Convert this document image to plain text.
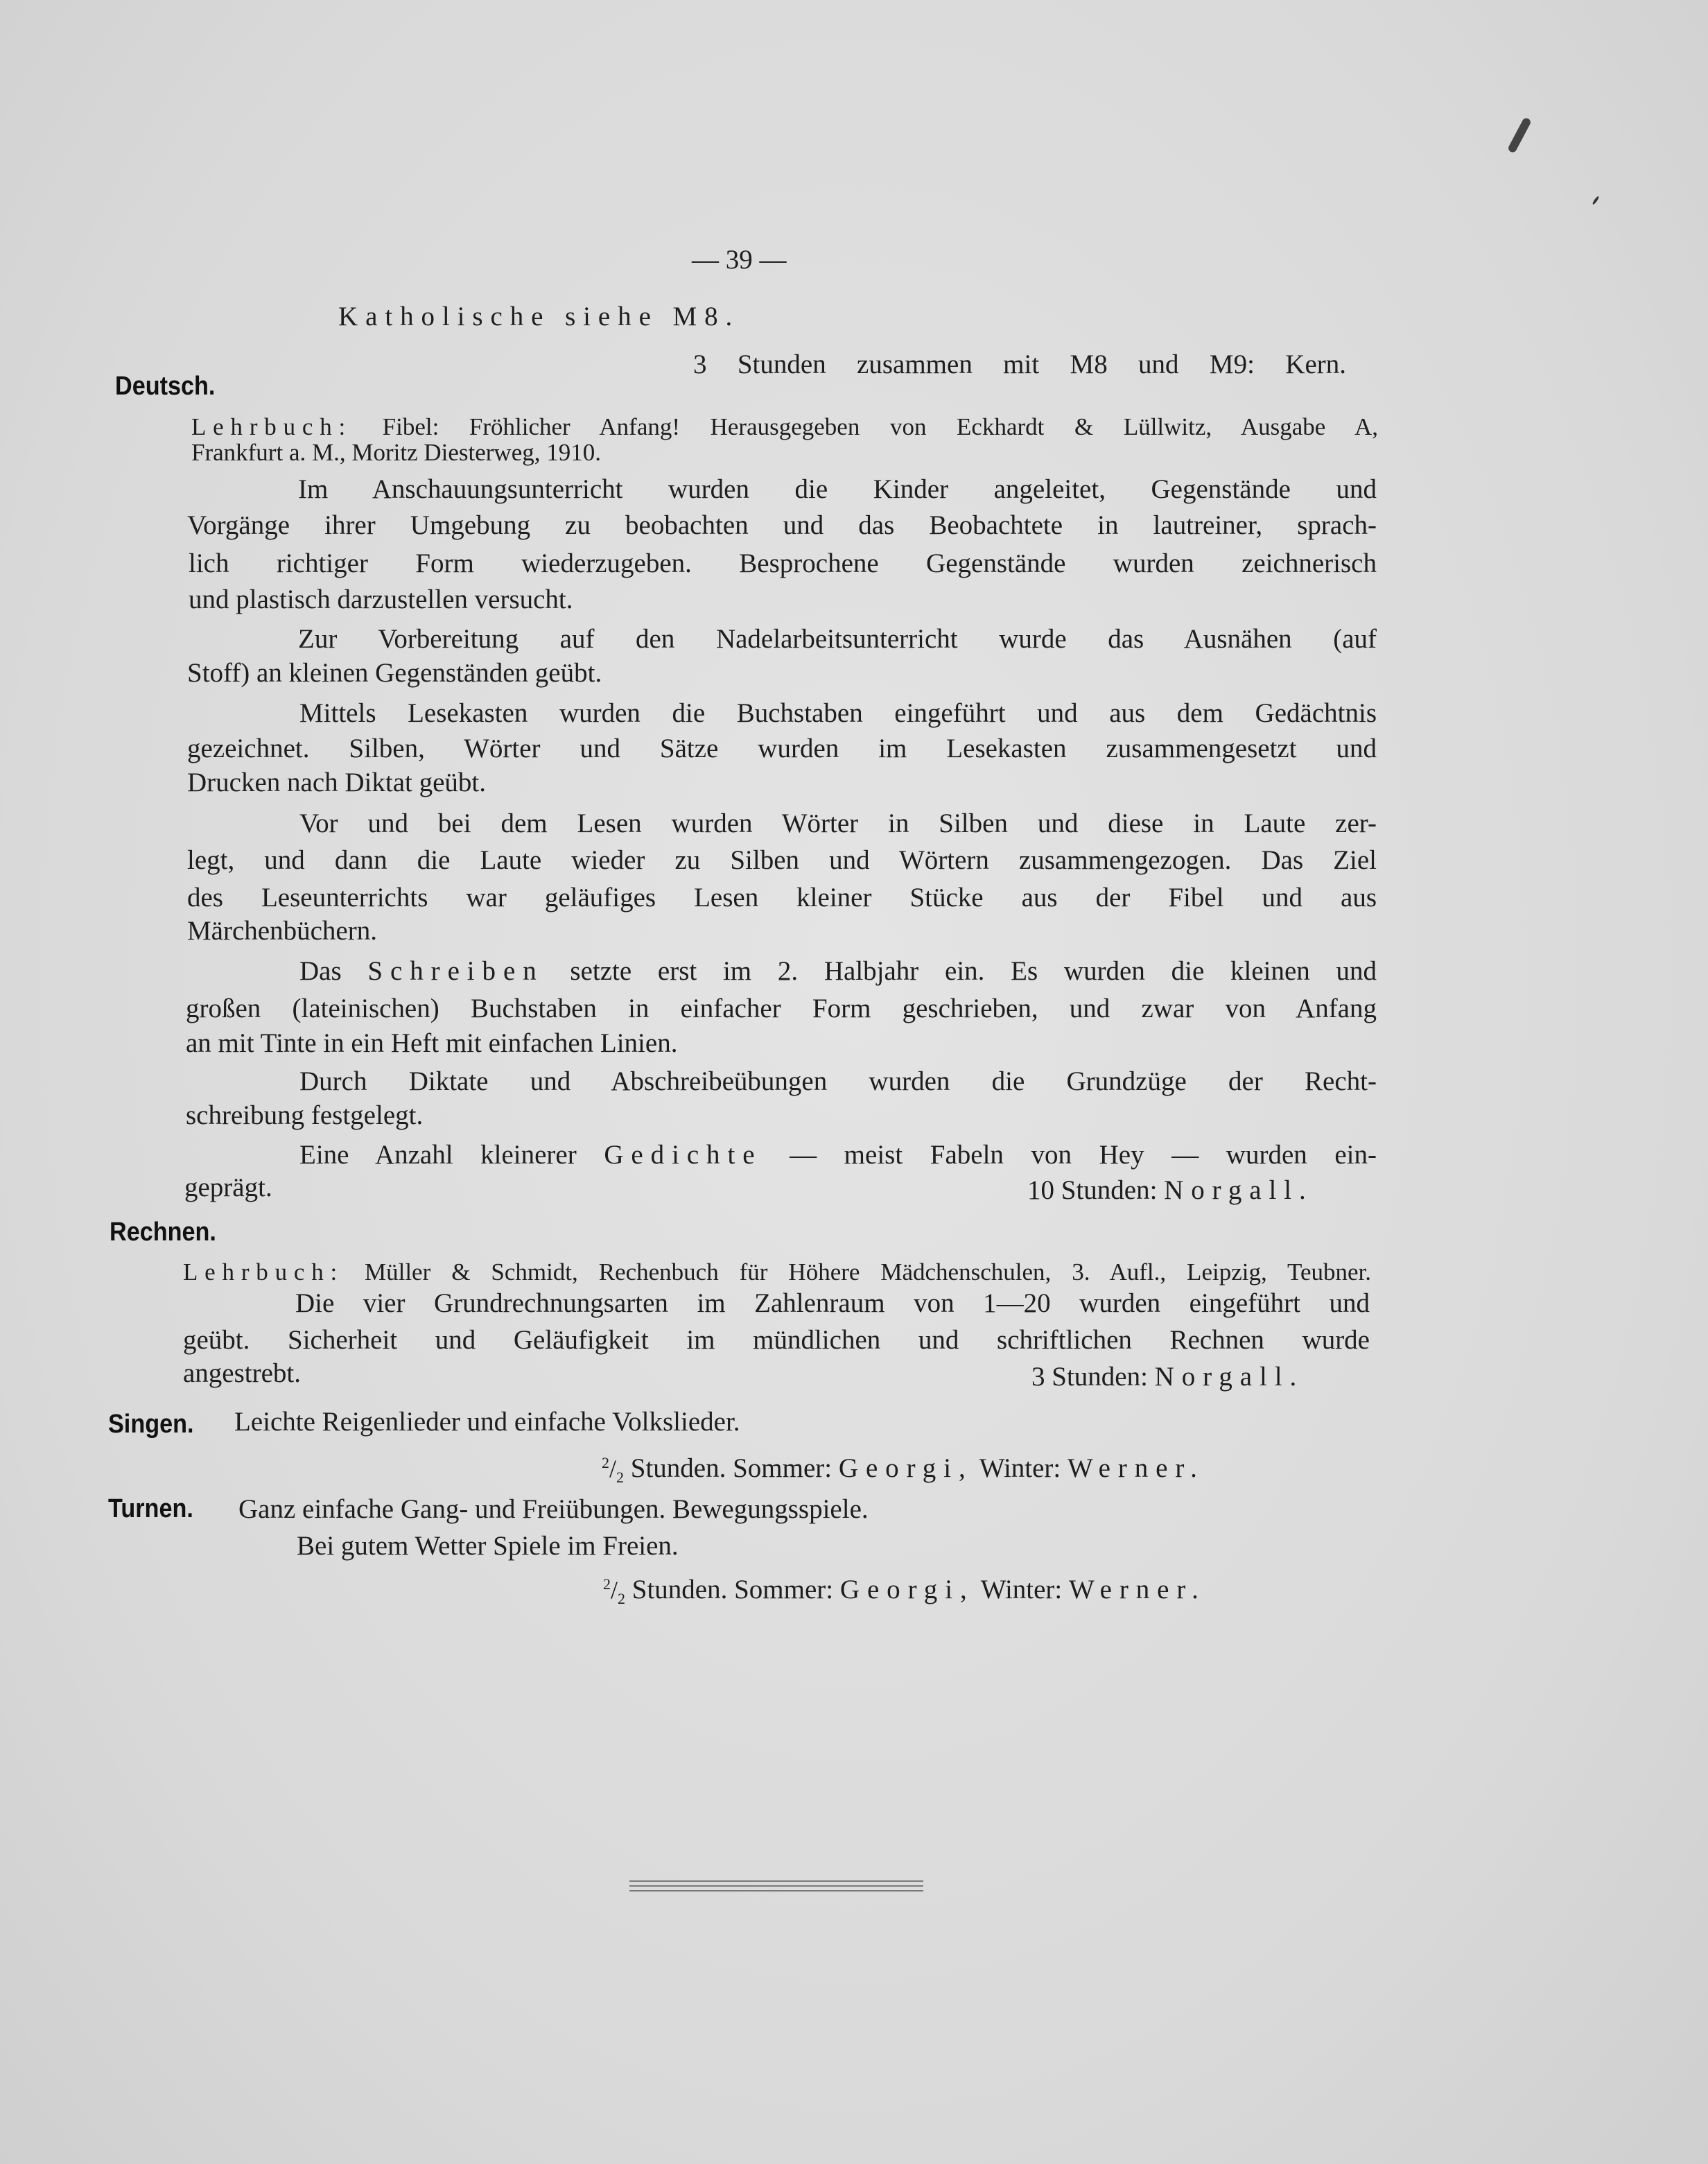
— 39 —
Katholische siehe M8.
3 Stunden zusammen mit M8 und M9: Kern.
Deutsch.
Lehrbuch: Fibel: Fröhlicher Anfang! Herausgegeben von Eckhardt & Lüllwitz, Ausgabe A,
Frankfurt a. M., Moritz Diesterweg, 1910.
Im Anschauungsunterricht wurden die Kinder angeleitet, Gegenstände und
Vorgänge ihrer Umgebung zu beobachten und das Beobachtete in lautreiner, sprach-
lich richtiger Form wiederzugeben. Besprochene Gegenstände wurden zeichnerisch
und plastisch darzustellen versucht.
Zur Vorbereitung auf den Nadelarbeitsunterricht wurde das Ausnähen (auf
Stoff) an kleinen Gegenständen geübt.
Mittels Lesekasten wurden die Buchstaben eingeführt und aus dem Gedächtnis
gezeichnet. Silben, Wörter und Sätze wurden im Lesekasten zusammengesetzt und
Drucken nach Diktat geübt.
Vor und bei dem Lesen wurden Wörter in Silben und diese in Laute zer-
legt, und dann die Laute wieder zu Silben und Wörtern zusammengezogen. Das Ziel
des Leseunterrichts war geläufiges Lesen kleiner Stücke aus der Fibel und aus
Märchenbüchern.
Das Schreiben setzte erst im 2. Halbjahr ein. Es wurden die kleinen und
großen (lateinischen) Buchstaben in einfacher Form geschrieben, und zwar von Anfang
an mit Tinte in ein Heft mit einfachen Linien.
Durch Diktate und Abschreibeübungen wurden die Grundzüge der Recht-
schreibung festgelegt.
Eine Anzahl kleinerer Gedichte — meist Fabeln von Hey — wurden ein-
geprägt.	10 Stunden: Norgall.
Rechnen.
Lehrbuch: Müller & Schmidt, Rechenbuch für Höhere Mädchenschulen, 3. Aufl., Leipzig, Teubner.
Die vier Grundrechnungsarten im Zahlenraum von 1—20 wurden eingeführt und
geübt. Sicherheit und Geläufigkeit im mündlichen und schriftlichen Rechnen wurde
angestrebt.	3 Stunden: Norgall.
Singen. Leichte Reigenlieder und einfache Volkslieder.
$^2/_2$ Stunden. Sommer: Georgi, Winter: Werner.
Turnen. Ganz einfache Gang- und Freiübungen. Bewegungsspiele.
Bei gutem Wetter Spiele im Freien.
$^2/_2$ Stunden. Sommer: Georgi, Winter: Werner.
